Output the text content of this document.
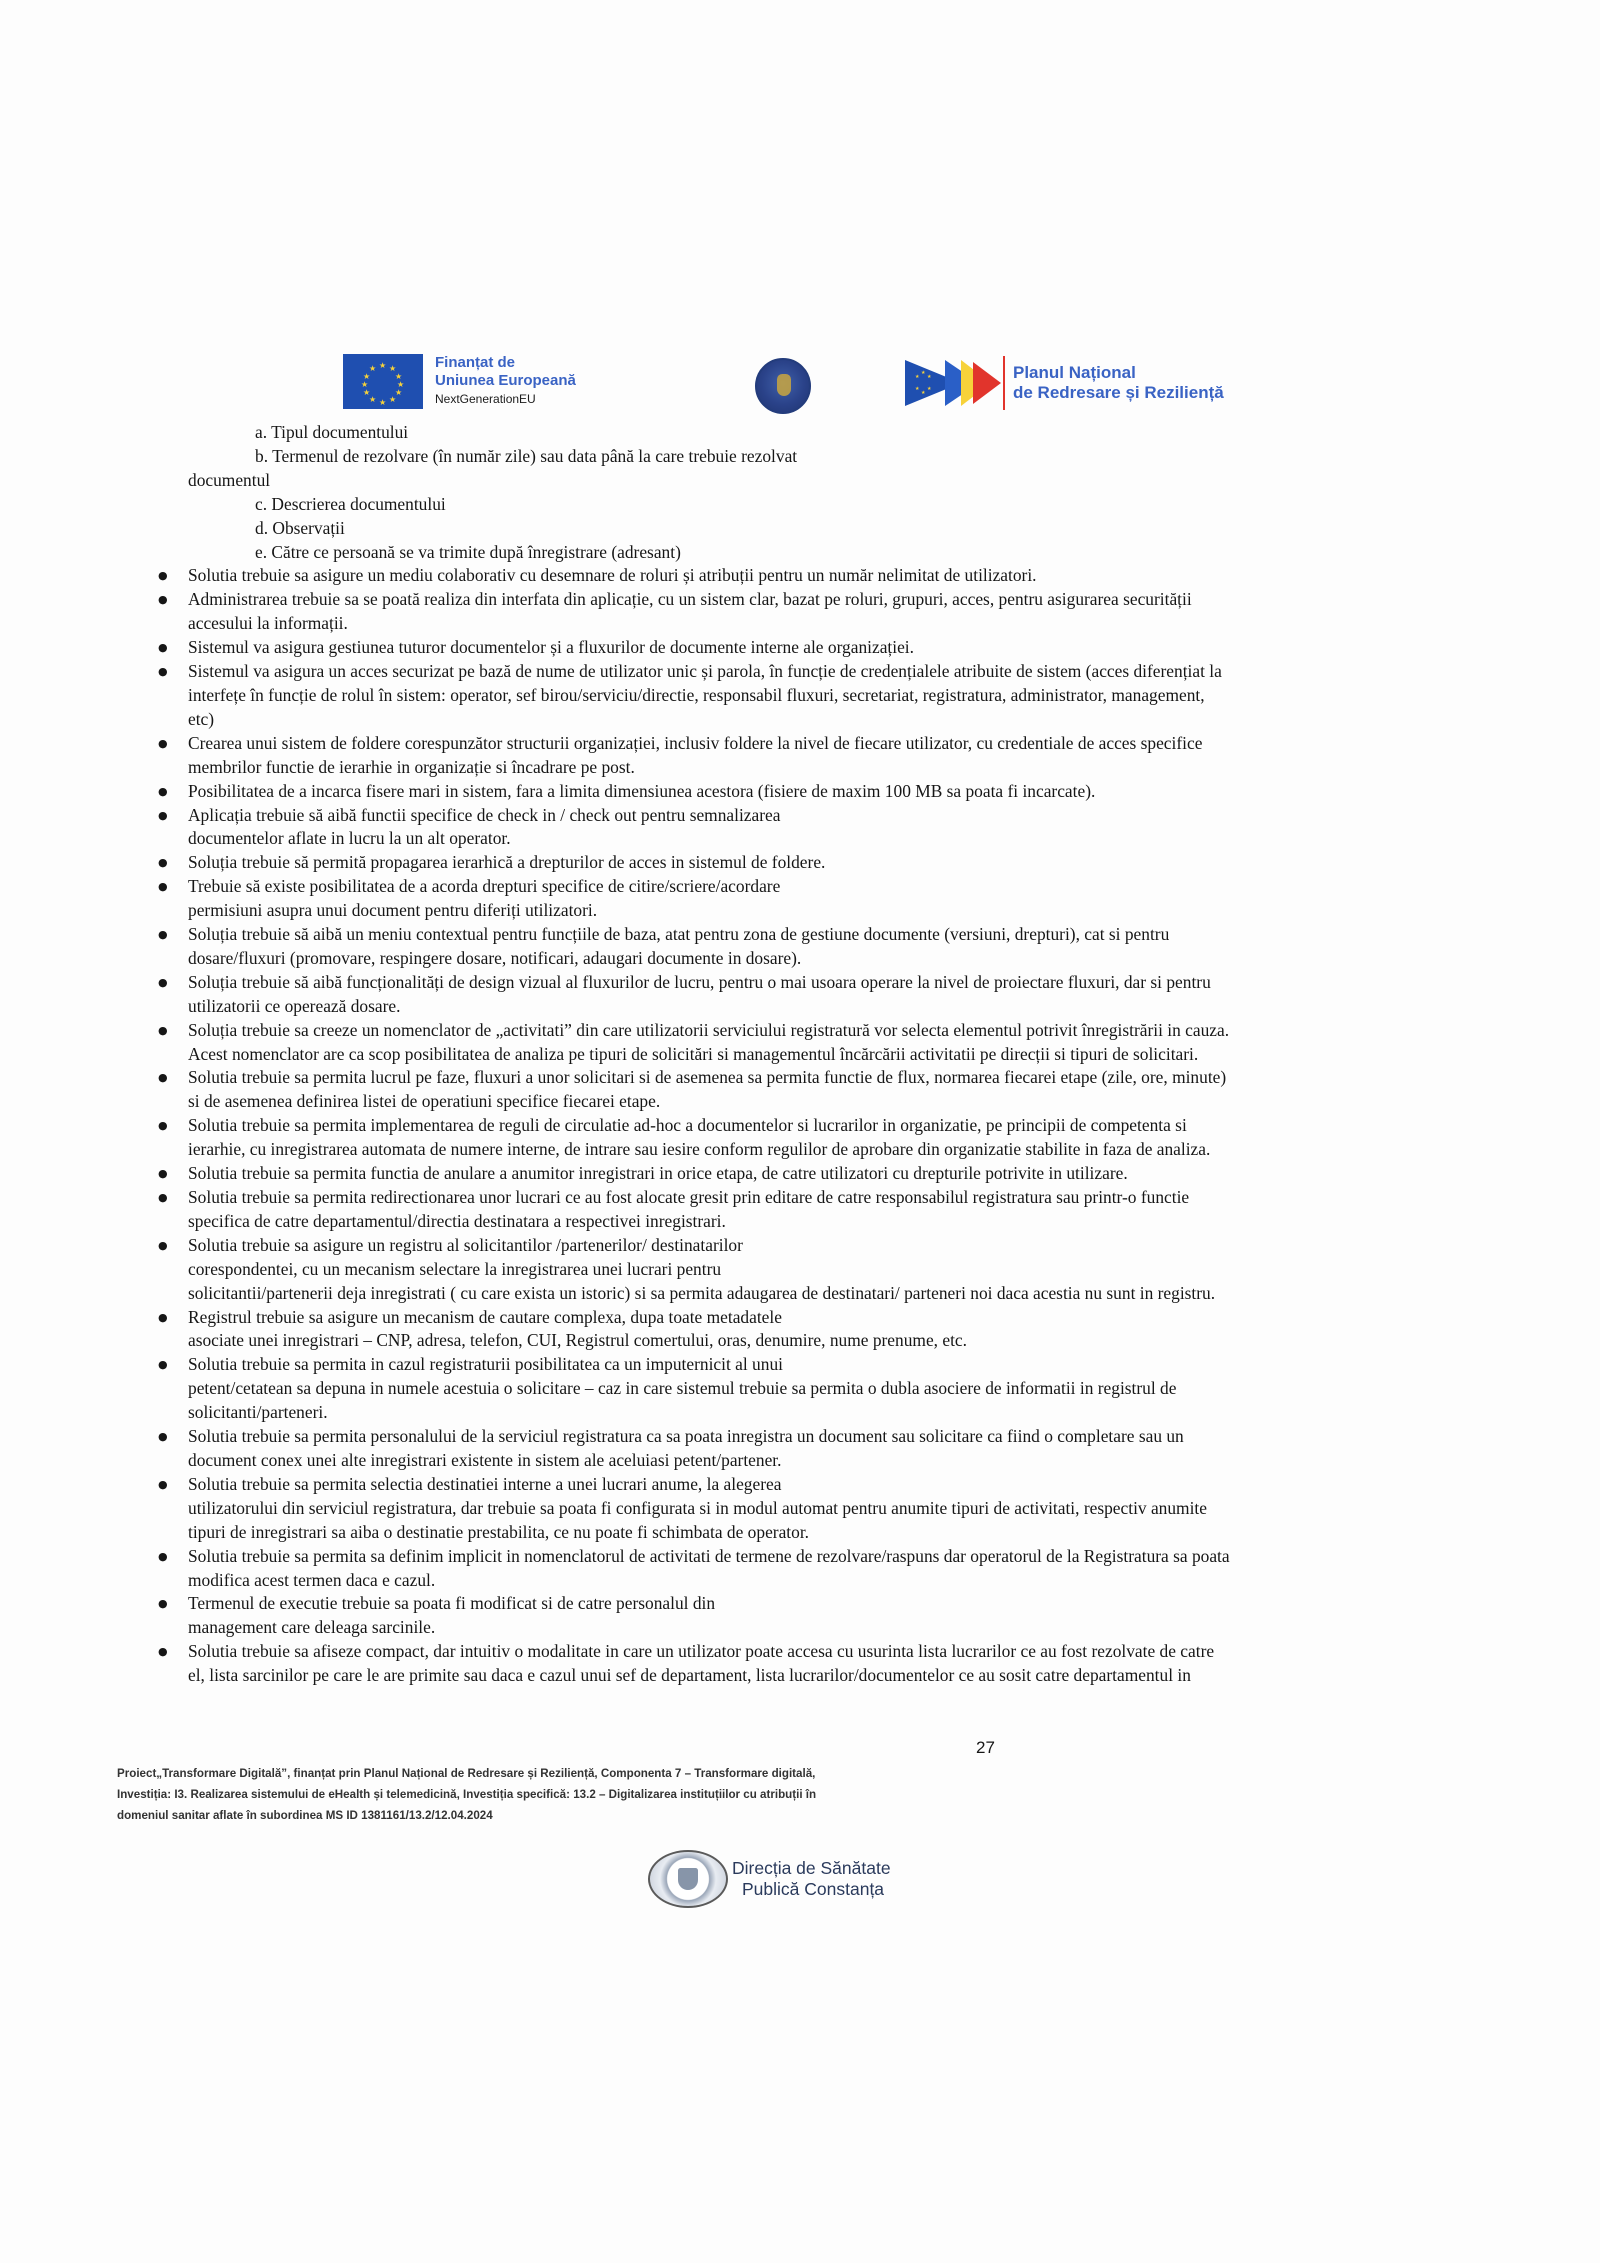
★ ★
★
★
★
★
★
★
★
★
★
★	Finanțat de
Uniunea Europeană
NextGenerationEU
★
★
★
★
★
★
Planul Național
de Redresare și Reziliență
a. Tipul documentului
b. Termenul de rezolvare (în număr zile) sau data până la care trebuie rezolvat
documentul
c. Descrierea documentului
d. Observații
e. Către ce persoană se va trimite după înregistrare (adresant)
● Solutia trebuie sa asigure un mediu colaborativ cu desemnare de roluri și atribuții pentru un număr nelimitat de utilizatori.
● Administrarea trebuie sa se poată realiza din interfata din aplicație, cu un sistem clar, bazat pe roluri, grupuri, acces, pentru asigurarea securității
accesului la informații.
● Sistemul va asigura gestiunea tuturor documentelor și a fluxurilor de documente interne ale organizației.
● Sistemul va asigura un acces securizat pe bază de nume de utilizator unic și parola, în funcție de credențialele atribuite de sistem (acces diferențiat la
interfețe în funcție de rolul în sistem: operator, sef birou/serviciu/directie, responsabil fluxuri, secretariat, registratura, administrator, management,
etc)
● Crearea unui sistem de foldere corespunzător structurii organizației, inclusiv foldere la nivel de fiecare utilizator, cu credentiale de acces specifice
membrilor functie de ierarhie in organizație si încadrare pe post.
● Posibilitatea de a incarca fisere mari in sistem, fara a limita dimensiunea acestora (fisiere de maxim 100 MB sa poata fi incarcate).
● Aplicația trebuie să aibă functii specifice de check in / check out pentru semnalizarea
documentelor aflate in lucru la un alt operator.
● Soluția trebuie să permită propagarea ierarhică a drepturilor de acces in sistemul de foldere.
● Trebuie să existe posibilitatea de a acorda drepturi specifice de citire/scriere/acordare
permisiuni asupra unui document pentru diferiți utilizatori.
● Soluția trebuie să aibă un meniu contextual pentru funcțiile de baza, atat pentru zona de gestiune documente (versiuni, drepturi), cat si pentru
dosare/fluxuri (promovare, respingere dosare, notificari, adaugari documente in dosare).
● Soluția trebuie să aibă funcționalități de design vizual al fluxurilor de lucru, pentru o mai usoara operare la nivel de proiectare fluxuri, dar si pentru
utilizatorii ce operează dosare.
● Soluția trebuie sa creeze un nomenclator de „activitati” din care utilizatorii serviciului registratură vor selecta elementul potrivit înregistrării in cauza.
Acest nomenclator are ca scop posibilitatea de analiza pe tipuri de solicitări si managementul încărcării activitatii pe direcții si tipuri de solicitari.
● Solutia trebuie sa permita lucrul pe faze, fluxuri a unor solicitari si de asemenea sa permita functie de flux, normarea fiecarei etape (zile, ore, minute)
si de asemenea definirea listei de operatiuni specifice fiecarei etape.
● Solutia trebuie sa permita implementarea de reguli de circulatie ad-hoc a documentelor si lucrarilor in organizatie, pe principii de competenta si
ierarhie, cu inregistrarea automata de numere interne, de intrare sau iesire conform regulilor de aprobare din organizatie stabilite in faza de analiza.
● Solutia trebuie sa permita functia de anulare a anumitor inregistrari in orice etapa, de catre utilizatori cu drepturile potrivite in utilizare.
● Solutia trebuie sa permita redirectionarea unor lucrari ce au fost alocate gresit prin editare de catre responsabilul registratura sau printr-o functie
specifica de catre departamentul/directia destinatara a respectivei inregistrari.
● Solutia trebuie sa asigure un registru al solicitantilor /partenerilor/ destinatarilor
corespondentei, cu un mecanism selectare la inregistrarea unei lucrari pentru
solicitantii/partenerii deja inregistrati ( cu care exista un istoric) si sa permita adaugarea de destinatari/ parteneri noi daca acestia nu sunt in registru.
● Registrul trebuie sa asigure un mecanism de cautare complexa, dupa toate metadatele
asociate unei inregistrari – CNP, adresa, telefon, CUI, Registrul comertului, oras, denumire, nume prenume, etc.
● Solutia trebuie sa permita in cazul registraturii posibilitatea ca un imputernicit al unui
petent/cetatean sa depuna in numele acestuia o solicitare – caz in care sistemul trebuie sa permita o dubla asociere de informatii in registrul de
solicitanti/parteneri.
● Solutia trebuie sa permita personalului de la serviciul registratura ca sa poata inregistra un document sau solicitare ca fiind o completare sau un
document conex unei alte inregistrari existente in sistem ale aceluiasi petent/partener.
● Solutia trebuie sa permita selectia destinatiei interne a unei lucrari anume, la alegerea
utilizatorului din serviciul registratura, dar trebuie sa poata fi configurata si in modul automat pentru anumite tipuri de activitati, respectiv anumite
tipuri de inregistrari sa aiba o destinatie prestabilita, ce nu poate fi schimbata de operator.
● Solutia trebuie sa permita sa definim implicit in nomenclatorul de activitati de termene de rezolvare/raspuns dar operatorul de la Registratura sa poata
modifica acest termen daca e cazul.
● Termenul de executie trebuie sa poata fi modificat si de catre personalul din
management care deleaga sarcinile.
● Solutia trebuie sa afiseze compact, dar intuitiv o modalitate in care un utilizator poate accesa cu usurinta lista lucrarilor ce au fost rezolvate de catre
el, lista sarcinilor pe care le are primite sau daca e cazul unui sef de departament, lista lucrarilor/documentelor ce au sosit catre departamentul in
27
Proiect„Transformare Digitală”, finanțat prin Planul Național de Redresare și Reziliență, Componenta 7 – Transformare digitală,
Investiția: I3. Realizarea sistemului de eHealth și telemedicină, Investiția specifică: 13.2 – Digitalizarea instituțiilor cu atribuții în
domeniul sanitar aflate în subordinea MS ID 1381161/13.2/12.04.2024
Direcția de Sănătate
Publică Constanța
